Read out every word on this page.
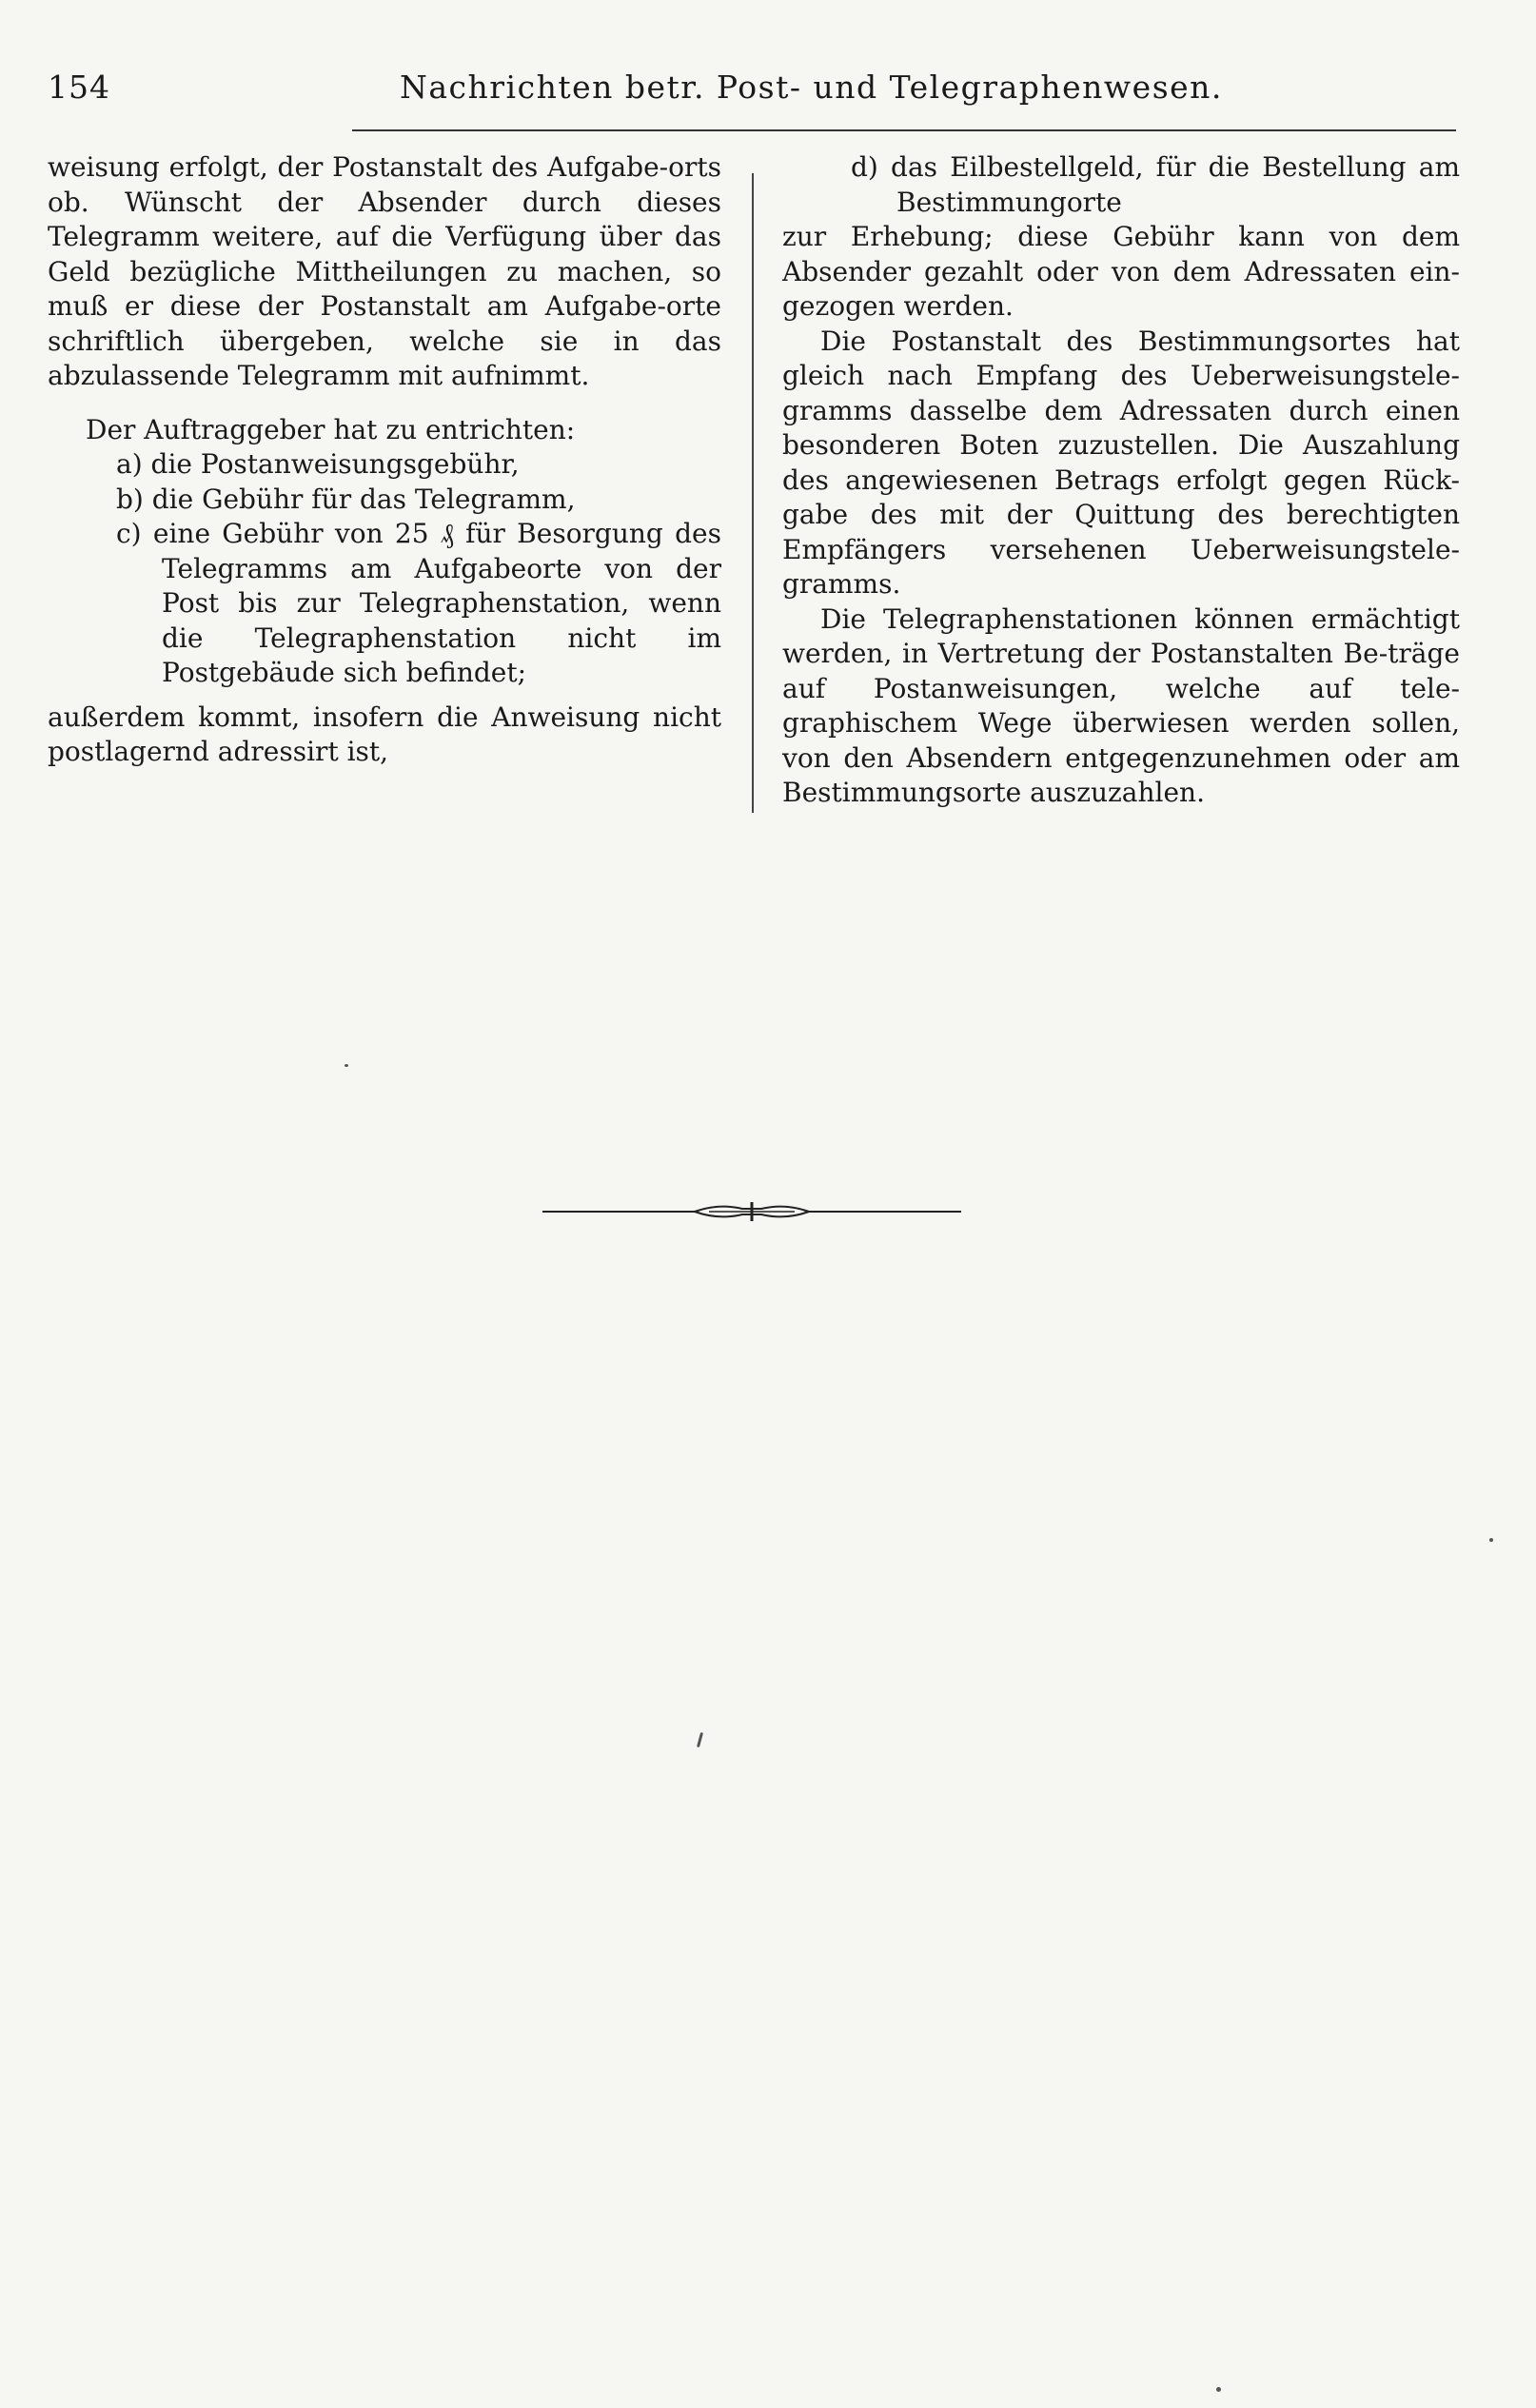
154	Nachrichten betr. Post- und Telegraphenwesen.

weisung erfolgt, der Postanstalt des Aufgabe-orts ob. Wünscht der Absender durch dieses Telegramm weitere, auf die Verfügung über das Geld bezügliche Mittheilungen zu machen, so muß er diese der Postanstalt am Aufgabe-orte schriftlich übergeben, welche sie in das abzulassende Telegramm mit aufnimmt.

Der Auftraggeber hat zu entrichten:

a) die Postanweisungsgebühr,

b) die Gebühr für das Telegramm,

c) eine Gebühr von 25 ₰ für Besorgung des Telegramms am Aufgabeorte von der Post bis zur Telegraphenstation, wenn die Telegraphenstation nicht im Postgebäude sich befindet;

außerdem kommt, insofern die Anweisung nicht postlagernd adressirt ist,

d) das Eilbestellgeld, für die Bestellung am Bestimmungorte

zur Erhebung; diese Gebühr kann von dem Absender gezahlt oder von dem Adressaten ein-gezogen werden.

Die Postanstalt des Bestimmungsortes hat gleich nach Empfang des Ueberweisungstele-gramms dasselbe dem Adressaten durch einen besonderen Boten zuzustellen. Die Auszahlung des angewiesenen Betrags erfolgt gegen Rück-gabe des mit der Quittung des berechtigten Empfängers versehenen Ueberweisungstele-gramms.

Die Telegraphenstationen können ermächtigt werden, in Vertretung der Postanstalten Be-träge auf Postanweisungen, welche auf tele-graphischem Wege überwiesen werden sollen, von den Absendern entgegenzunehmen oder am Bestimmungsorte auszuzahlen.
